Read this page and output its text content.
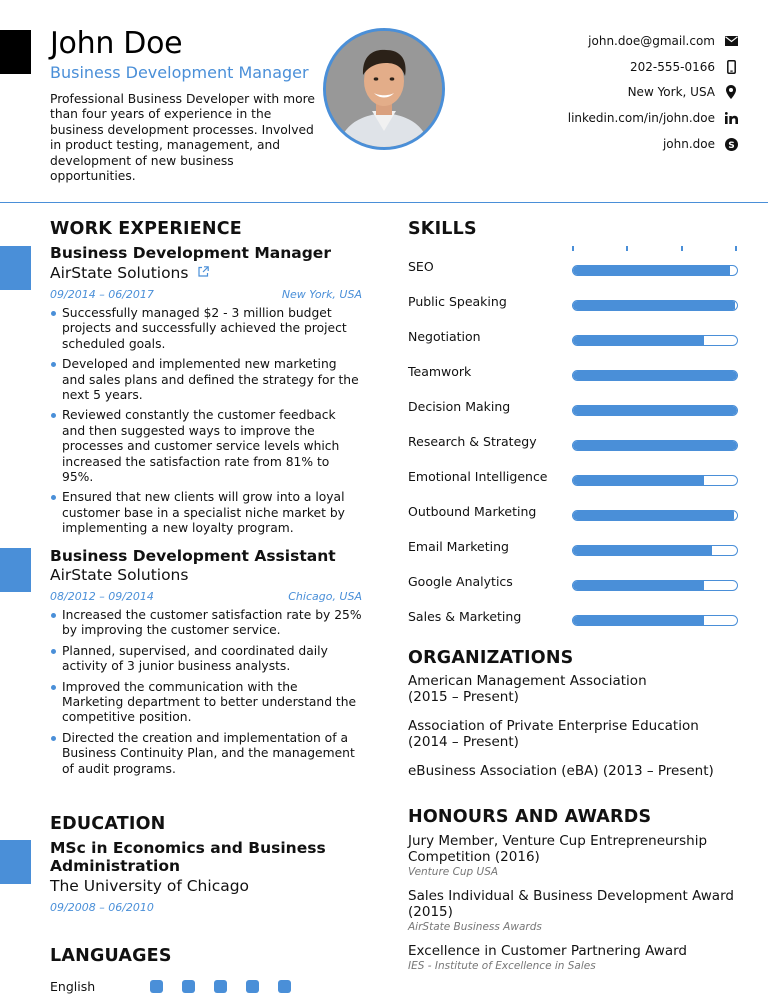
John Doe
Business Development Manager

Professional Business Developer with more than four years of experience in the business development processes. Involved in product testing, management, and development of new business opportunities.

john.doe@gmail.com
202-555-0166
New York, USA
linkedin.com/in/john.doe
john.doe S
WORK EXPERIENCE
Business Development Manager
AirState Solutions
09/2014 – 06/2017	New York, USA
Successfully managed $2 - 3 million budget projects and successfully achieved the project scheduled goals.
Developed and implemented new marketing and sales plans and defined the strategy for the next 5 years.
Reviewed constantly the customer feedback and then suggested ways to improve the processes and customer service levels which increased the satisfaction rate from 81% to 95%.
Ensured that new clients will grow into a loyal customer base in a specialist niche market by implementing a new loyalty program.
Business Development Assistant
AirState Solutions
08/2012 – 09/2014	Chicago, USA
Increased the customer satisfaction rate by 25% by improving the customer service.
Planned, supervised, and coordinated daily activity of 3 junior business analysts.
Improved the communication with the Marketing department to better understand the competitive position.
Directed the creation and implementation of a Business Continuity Plan, and the management of audit programs.
EDUCATION
MSc in Economics and Business Administration
The University of Chicago
09/2008 – 06/2010
LANGUAGES
English
SKILLS
SEO
Public Speaking
Negotiation
Teamwork
Decision Making
Research & Strategy
Emotional Intelligence
Outbound Marketing
Email Marketing
Google Analytics
Sales & Marketing
ORGANIZATIONS
American Management Association
(2015 – Present)
Association of Private Enterprise Education
(2014 – Present)
eBusiness Association (eBA) (2013 – Present)
HONOURS AND AWARDS
Jury Member, Venture Cup Entrepreneurship Competition (2016)
Venture Cup USA
Sales Individual & Business Development Award (2015)
AirState Business Awards
Excellence in Customer Partnering Award
IES - Institute of Excellence in Sales
